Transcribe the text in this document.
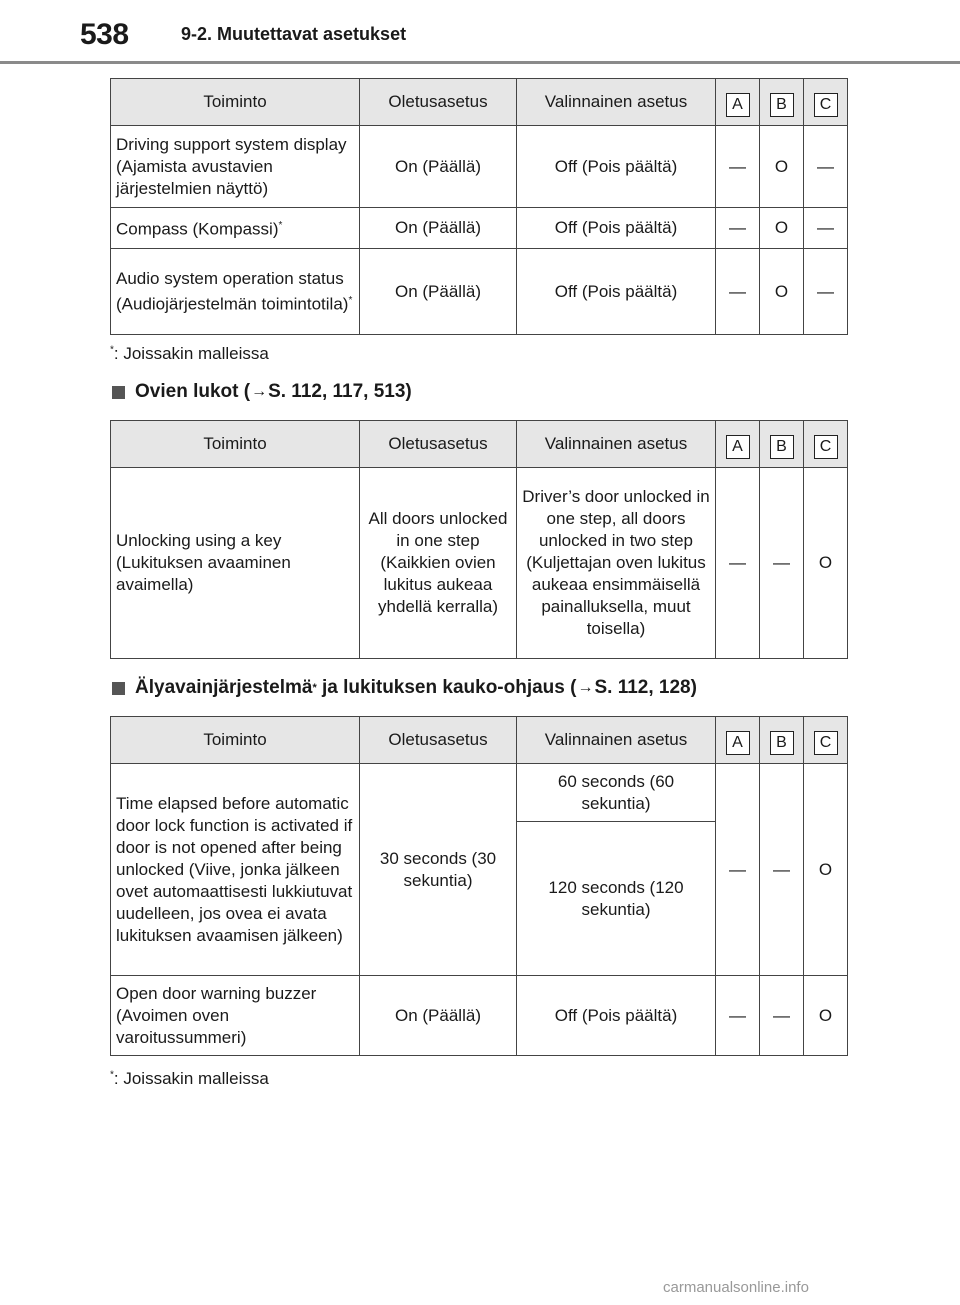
538	9-2. Muutettavat asetukset
Toiminto	Oletusasetus	Valinnainen asetus	A	B	C
Driving support system display (Ajamista avustavien järjestelmien näyttö)	On (Päällä)	Off (Pois päältä)	—	O	—
Compass (Kompassi)*	On (Päällä)	Off (Pois päältä)	—	O	—
Audio system operation status (Audiojärjestelmän toimintotila)*	On (Päällä)	Off (Pois päältä)	—	O	—
*: Joissakin malleissa
Ovien lukot ( → S. 112, 117, 513)
Toiminto	Oletusasetus	Valinnainen asetus	A	B	C
Unlocking using a key (Lukituksen avaaminen avaimella)	All doors unlocked in one step (Kaikkien ovien lukitus aukeaa yhdellä kerralla)	Driver’s door unlocked in one step, all doors unlocked in two step (Kuljettajan oven lukitus aukeaa ensimmäisellä painalluksella, muut toisella)	—	—	O
Älyavainjärjestelmä * ja lukituksen kauko-ohjaus ( → S. 112, 128)
Toiminto	Oletusasetus	Valinnainen asetus	A	B	C
Time elapsed before automatic door lock function is activated if door is not opened after being unlocked (Viive, jonka jälkeen ovet automaattisesti lukkiutuvat uudelleen, jos ovea ei avata lukituksen avaamisen jälkeen)	30 seconds (30 sekuntia)	60 seconds (60 sekuntia)	—	—	O
		120 seconds (120 sekuntia)			
Open door warning buzzer (Avoimen oven varoitussummeri)	On (Päällä)	Off (Pois päältä)	—	—	O
*: Joissakin malleissa
carmanualsonline.info
